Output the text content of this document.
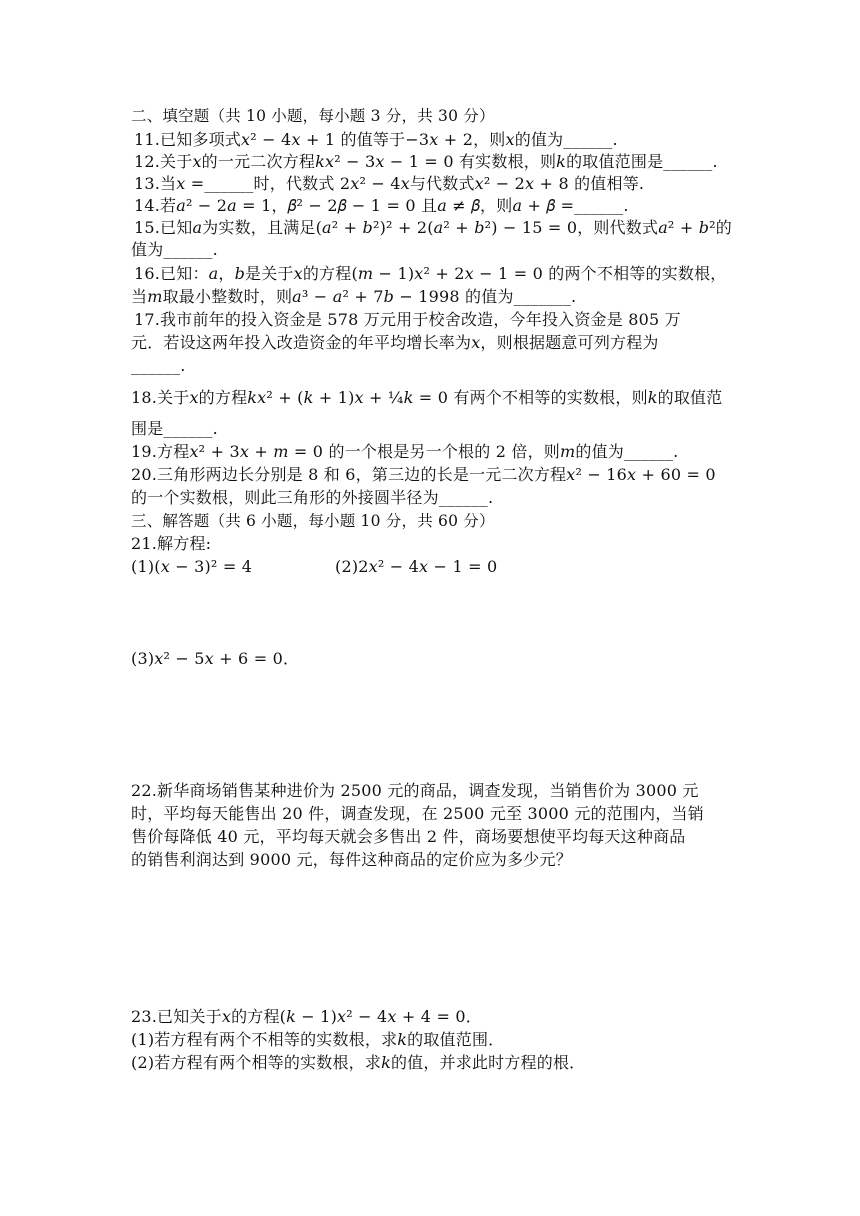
二、填空题（共 10 小题，每小题 3 分，共 30 分）
11.已知多项式𝑥² − 4𝑥 + 1 的值等于−3𝑥 + 2，则𝑥的值为______.
12.关于𝑥的一元二次方程𝑘𝑥² − 3𝑥 − 1 = 0 有实数根，则𝑘的取值范围是______.
13.当𝑥 =______时，代数式 2𝑥² − 4𝑥与代数式𝑥² − 2𝑥 + 8 的值相等.
14.若𝑎² − 2𝑎 = 1，𝛽² − 2𝛽 − 1 = 0 且𝑎 ≠ 𝛽，则𝑎 + 𝛽 =______.
15.已知𝑎为实数，且满足(𝑎² + 𝑏²)² + 2(𝑎² + 𝑏²) − 15 = 0，则代数式𝑎² + 𝑏²的
值为______.
16.已知：𝑎，𝑏是关于𝑥的方程(𝑚 − 1)𝑥² + 2𝑥 − 1 = 0 的两个不相等的实数根，
当𝑚取最小整数时，则𝑎³ − 𝑎² + 7𝑏 − 1998 的值为_______.
17.我市前年的投入资金是 578 万元用于校舍改造，今年投入资金是 805 万
元．若设这两年投入改造资金的年平均增长率为𝑥，则根据题意可列方程为
______.
18.关于𝑥的方程𝑘𝑥² + (𝑘 + 1)𝑥 + ¼𝑘 = 0 有两个不相等的实数根，则𝑘的取值范
围是______.
19.方程𝑥² + 3𝑥 + 𝑚 = 0 的一个根是另一个根的 2 倍，则𝑚的值为______.
20.三角形两边长分别是 8 和 6，第三边的长是一元二次方程𝑥² − 16𝑥 + 60 = 0
的一个实数根，则此三角形的外接圆半径为______.
三、解答题（共 6 小题，每小题 10 分，共 60 分）
21.解方程:
(1)(𝑥 − 3)² = 4	(2)2𝑥² − 4𝑥 − 1 = 0
(3)𝑥² − 5𝑥 + 6 = 0．
22.新华商场销售某种进价为 2500 元的商品，调查发现，当销售价为 3000 元
时，平均每天能售出 20 件，调查发现，在 2500 元至 3000 元的范围内，当销
售价每降低 40 元，平均每天就会多售出 2 件，商场要想使平均每天这种商品
的销售利润达到 9000 元，每件这种商品的定价应为多少元？
23.已知关于𝑥的方程(𝑘 − 1)𝑥² − 4𝑥 + 4 = 0．
(1)若方程有两个不相等的实数根，求𝑘的取值范围．
(2)若方程有两个相等的实数根，求𝑘的值，并求此时方程的根．
